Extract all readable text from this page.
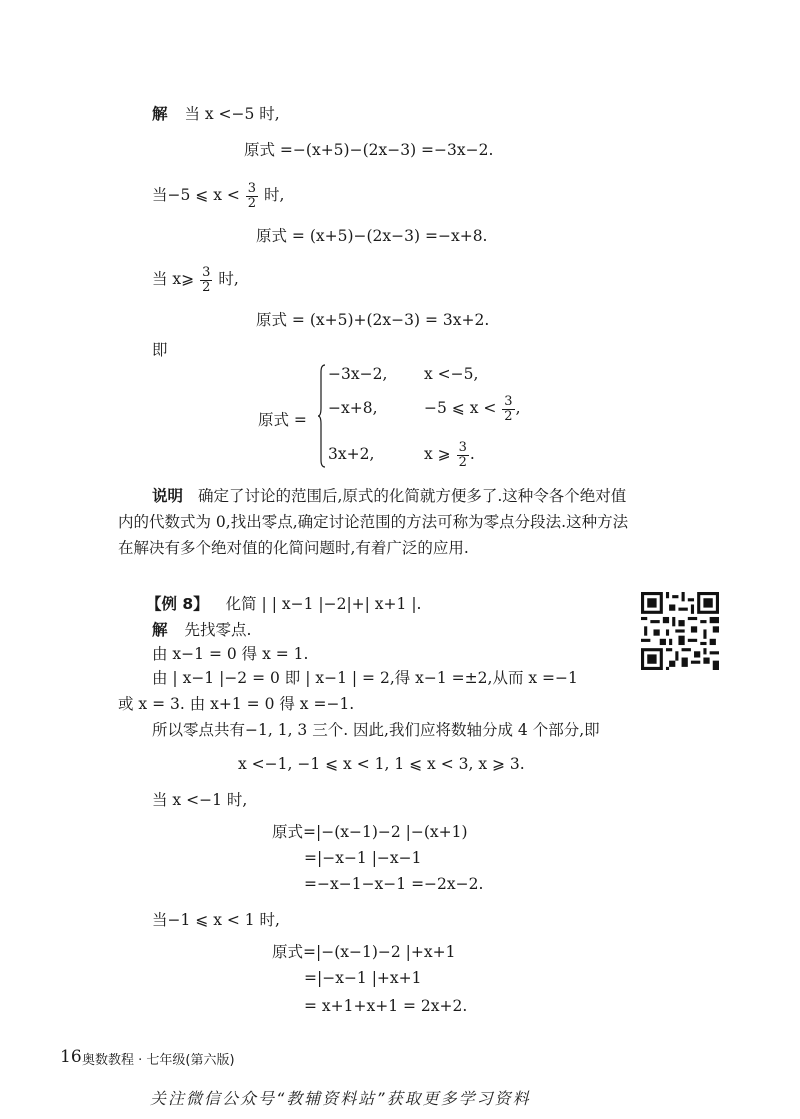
解 当 x <−5 时,
原式 =−(x+5)−(2x−3) =−3x−2.
当−5 ⩽ $x < \frac{3}{2}$ 时,
原式 = (x+5)−(2x−3) =−x+8.
当 x⩾ $\frac{3}{2}$ 时,
原式 = (x+5)+(2x−3) = 3x+2.
即
原式 =
−3x−2, x <−5,
−x+8,	−5 ⩽ $x < \frac{3}{2}$ ,
3x+2,	x ⩾ $\frac{3}{2}$ .
说明 确定了讨论的范围后,原式的化简就方便多了.这种令各个绝对值
内的代数式为 0,找出零点,确定讨论范围的方法可称为零点分段法.这种方法
在解决有多个绝对值的化简问题时,有着广泛的应用.
【例 8】 化简 | | x−1 |−2|+| x+1 |.
解 先找零点.
由 x−1 = 0 得 x = 1.
由 | x−1 |−2 = 0 即 | x−1 | = 2,得 x−1 =±2,从而 x =−1
或 x = 3. 由 x+1 = 0 得 x =−1.
所以零点共有−1, 1, 3 三个. 因此,我们应将数轴分成 4 个部分,即
x <−1, −1 ⩽ x < 1, 1 ⩽ x < 3, x ⩾ 3.
当 x <−1 时,
原式=|−(x−1)−2 |−(x+1)
=|−x−1 |−x−1
=−x−1−x−1 =−2x−2.
当−1 ⩽ x < 1 时,
原式=|−(x−1)−2 |+x+1
=|−x−1 |+x+1
= x+1+x+1 = 2x+2.
16 奥数教程 · 七年级(第六版)
关注微信公众号“教辅资料站”获取更多学习资料
